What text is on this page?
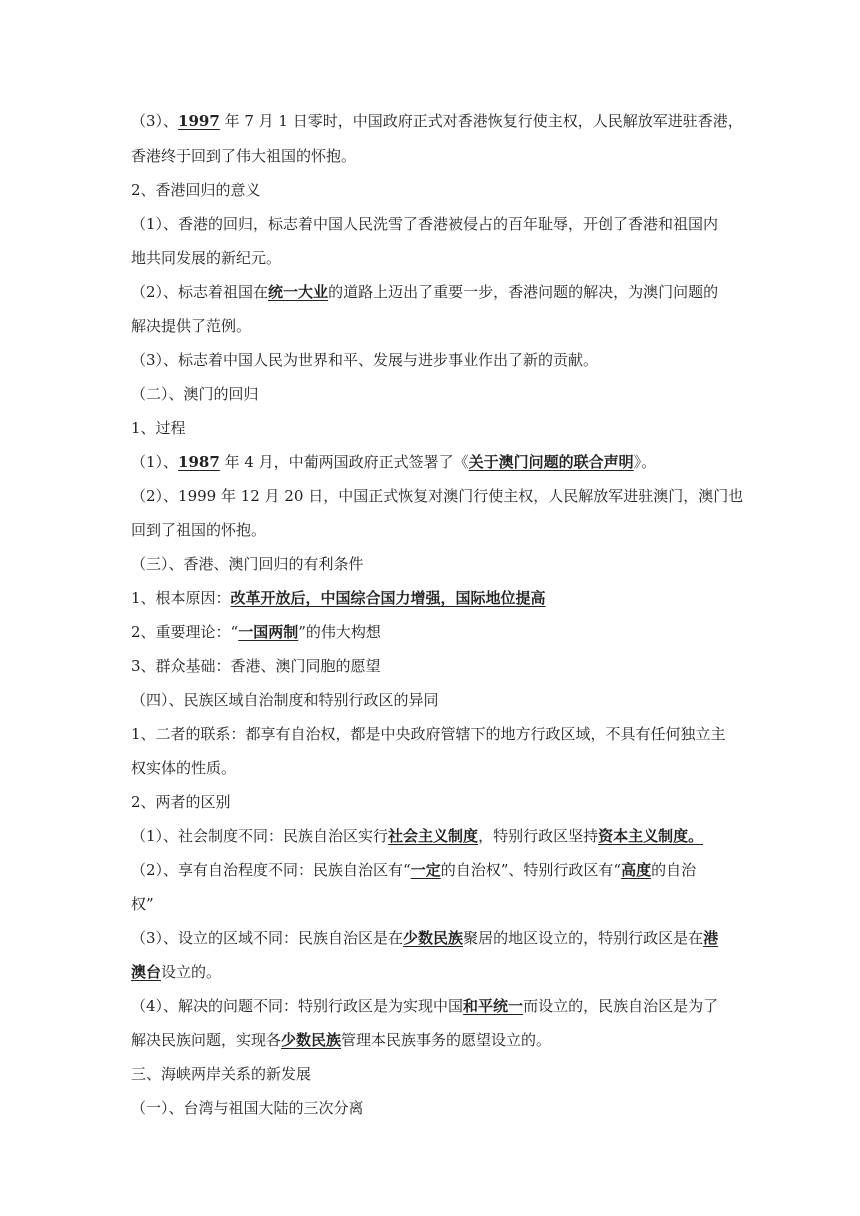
（3）、1997 年 7 月 1 日零时，中国政府正式对香港恢复行使主权，人民解放军进驻香港，
香港终于回到了伟大祖国的怀抱。
2、香港回归的意义
（1）、香港的回归，标志着中国人民洗雪了香港被侵占的百年耻辱，开创了香港和祖国内
地共同发展的新纪元。
（2）、标志着祖国在统一大业的道路上迈出了重要一步，香港问题的解决，为澳门问题的
解决提供了范例。
（3）、标志着中国人民为世界和平、发展与进步事业作出了新的贡献。
（二）、澳门的回归
1、过程
（1）、1987 年 4 月，中葡两国政府正式签署了《关于澳门问题的联合声明》。
（2）、1999 年 12 月 20 日，中国正式恢复对澳门行使主权，人民解放军进驻澳门，澳门也
回到了祖国的怀抱。
（三）、香港、澳门回归的有利条件
1、根本原因：改革开放后，中国综合国力增强，国际地位提高
2、重要理论：“一国两制”的伟大构想
3、群众基础：香港、澳门同胞的愿望
（四）、民族区域自治制度和特别行政区的异同
1、二者的联系：都享有自治权，都是中央政府管辖下的地方行政区域，不具有任何独立主
权实体的性质。
2、两者的区别
（1）、社会制度不同：民族自治区实行社会主义制度，特别行政区坚持资本主义制度。
（2）、享有自治程度不同：民族自治区有“一定的自治权”、特别行政区有“高度的自治
权”
（3）、设立的区域不同：民族自治区是在少数民族聚居的地区设立的，特别行政区是在港
澳台设立的。
（4）、解决的问题不同：特别行政区是为实现中国和平统一而设立的，民族自治区是为了
解决民族问题，实现各少数民族管理本民族事务的愿望设立的。
三、海峡两岸关系的新发展
（一）、台湾与祖国大陆的三次分离
